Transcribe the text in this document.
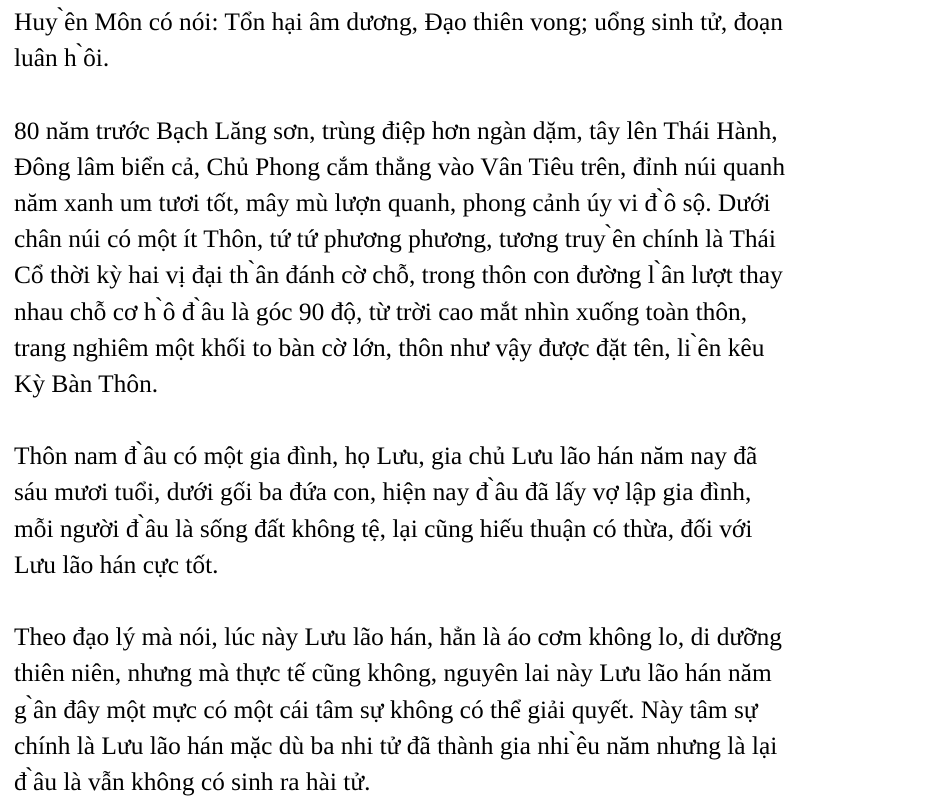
Huy ̀ên Môn có nói: Tổn hại âm dương, Đạo thiên vong; uổng sinh tử, đoạn
luân h ̀ôi.
80 năm trước Bạch Lăng sơn, trùng điệp hơn ngàn dặm, tây lên Thái Hành,
Đông lâm biển cả, Chủ Phong cắm thẳng vào Vân Tiêu trên, đỉnh núi quanh
năm xanh um tươi tốt, mây mù lượn quanh, phong cảnh úy vi đ ̀ô sộ. Dưới
chân núi có một ít Thôn, tứ tứ phương phương, tương truy ̀ên chính là Thái
Cổ thời kỳ hai vị đại th ̀ân đánh cờ chỗ, trong thôn con đường l ̀ân lượt thay
nhau chỗ cơ h ̀ô đ ̀âu là góc 90 độ, từ trời cao mắt nhìn xuống toàn thôn,
trang nghiêm một khối to bàn cờ lớn, thôn như vậy được đặt tên, li ̀ên kêu
Kỳ Bàn Thôn.
Thôn nam đ ̀âu có một gia đình, họ Lưu, gia chủ Lưu lão hán năm nay đã
sáu mươi tuổi, dưới gối ba đứa con, hiện nay đ ̀âu đã lấy vợ lập gia đình,
mỗi người đ ̀âu là sống đất không tệ, lại cũng hiếu thuận có thừa, đối với
Lưu lão hán cực tốt.
Theo đạo lý mà nói, lúc này Lưu lão hán, hẳn là áo cơm không lo, di dưỡng
thiên niên, nhưng mà thực tế cũng không, nguyên lai này Lưu lão hán năm
g ̀ân đây một mực có một cái tâm sự không có thể giải quyết. Này tâm sự
chính là Lưu lão hán mặc dù ba nhi tử đã thành gia nhi ̀êu năm nhưng là lại
đ ̀âu là vẫn không có sinh ra hài tử.
